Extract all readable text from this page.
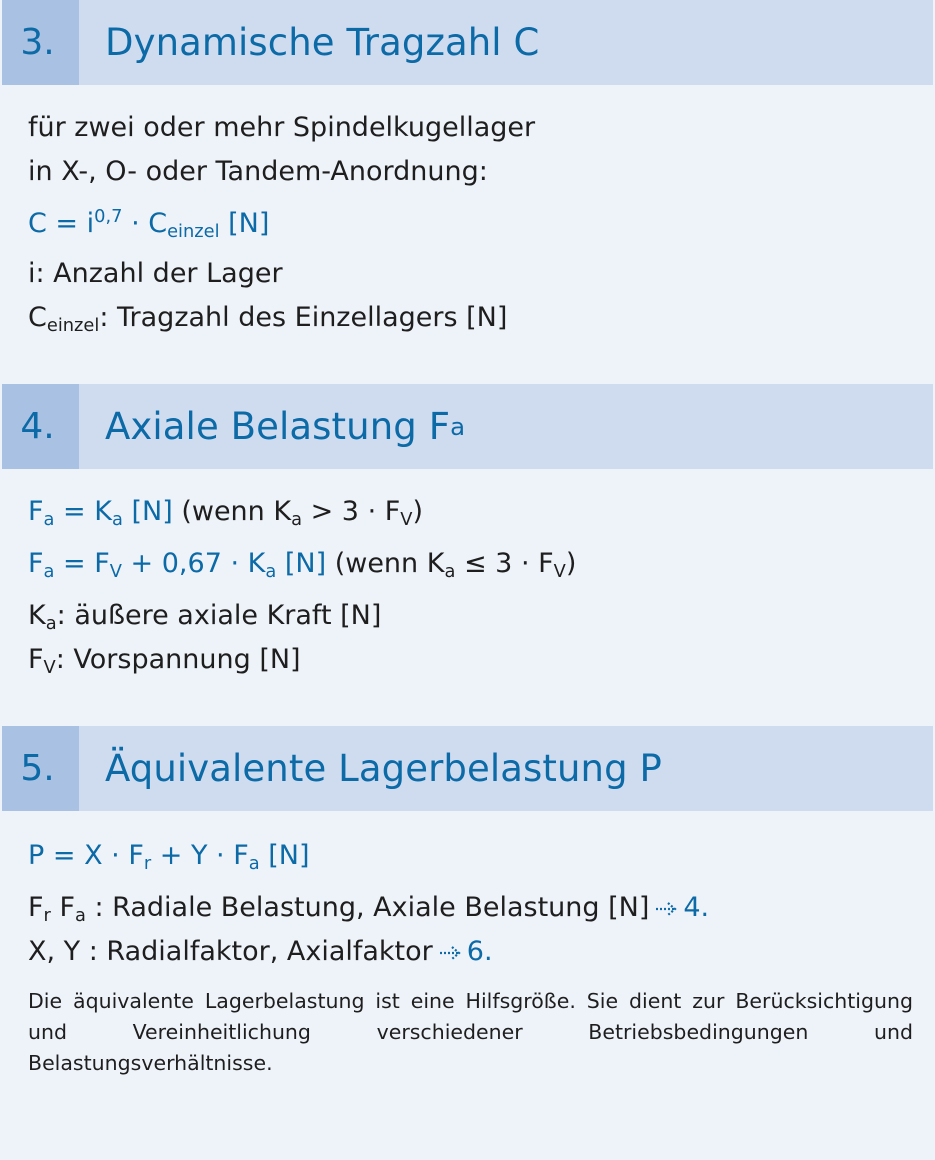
3.	Dynamische Tragzahl C
für zwei oder mehr Spindelkugellager
in X-, O- oder Tandem-Anordnung:
$C = i^{0,7} \cdot C_{einzel}$ [N]
i: Anzahl der Lager
$C_{einzel}$: Tragzahl des Einzellagers [N]
4.	Axiale Belastung F a
$F_a = K_a$ [N] (wenn $K_a > 3 \cdot F_V$)
$F_a = F_V + 0,67 \cdot K_a$ [N] (wenn $K_a \le 3 \cdot F_V$)
$K_a$: äußere axiale Kraft [N]
$F_V$: Vorspannung [N]
5.	Äquivalente Lagerbelastung P
$P = X \cdot F_r + Y \cdot F_a$ [N]
$F_r$ $F_a$ : Radiale Belastung, Axiale Belastung [N] 4.
X, Y : Radialfaktor, Axialfaktor 6.
Die äquivalente Lagerbelastung ist eine Hilfsgröße. Sie dient zur Berücksichtigung und Vereinheitlichung verschiedener Betriebsbedingungen und Belastungsverhältnisse.
